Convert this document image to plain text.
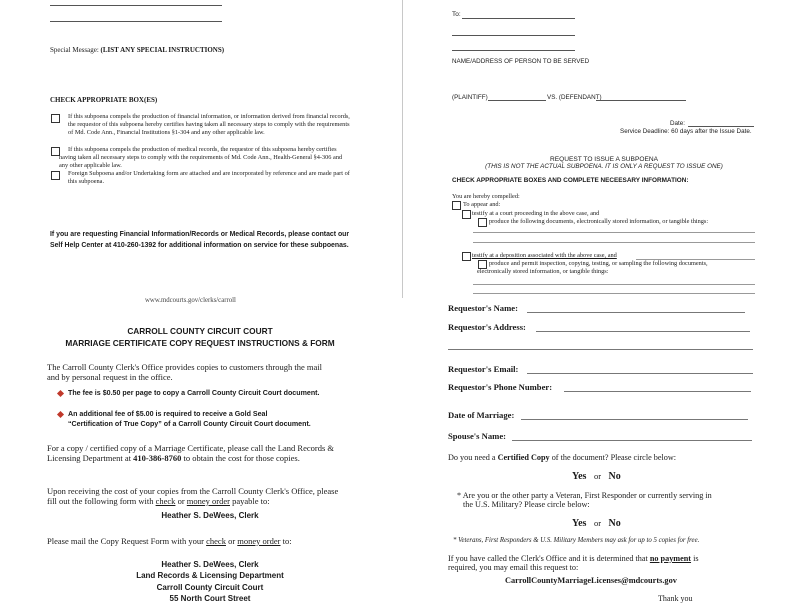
Special Message: (LIST ANY SPECIAL INSTRUCTIONS)
CHECK APPROPRIATE BOX(ES)
If this subpoena compels the production of financial information, or information derived from financial records, the requestor of this subpoena hereby certifies having taken all necessary steps to comply with the requirements of Md. Code Ann., Financial Institutions §1-304 and any other applicable law.
If this subpoena compels the production of medical records, the requestor of this subpoena hereby certifies having taken all necessary steps to comply with the requirements of Md. Code Ann., Health-General §4-306 and any other applicable law.
Foreign Subpoena and/or Undertaking form are attached and are incorporated by reference and are made part of this subpoena.
If you are requesting Financial Information/Records or Medical Records, please contact our
Self Help Center at 410-260-1392 for additional information on service for these subpoenas.
To:
NAME/ADDRESS OF PERSON TO BE SERVED
(PLAINTIFF)	VS. (DEFENDANT)
Date:
Service Deadline: 60 days after the Issue Date.
REQUEST TO ISSUE A SUBPOENA
(THIS IS NOT THE ACTUAL SUBPOENA. IT IS ONLY A REQUEST TO ISSUE ONE)
CHECK APPROPRIATE BOXES AND COMPLETE NECEESARY INFORMATION:
You are hereby compelled:
To appear and:
testify at a court proceeding in the above case, and
produce the following documents, electronically stored information, or tangible things:
testify at a deposition associated with the above case, and
produce and permit inspection, copying, testing, or sampling the following documents,
electronically stored information, or tangible things:
www.mdcourts.gov/clerks/carroll
CARROLL COUNTY CIRCUIT COURT
MARRIAGE CERTIFICATE COPY REQUEST INSTRUCTIONS & FORM
The Carroll County Clerk's Office provides copies to customers through the mail
and by personal request in the office.
The fee is $0.50 per page to copy a Carroll County Circuit Court document.
An additional fee of $5.00 is required to receive a Gold Seal
“Certification of True Copy” of a Carroll County Circuit Court document.
For a copy / certified copy of a Marriage Certificate, please call the Land Records &
Licensing Department at 410-386-8760 to obtain the cost for those copies.
Upon receiving the cost of your copies from the Carroll County Clerk's Office, please
fill out the following form with check or money order payable to:
Heather S. DeWees, Clerk
Please mail the Copy Request Form with your check or money order to:
Heather S. DeWees, Clerk
Land Records & Licensing Department
Carroll County Circuit Court
55 North Court Street
Requestor's Name:
Requestor's Address:
Requestor's Email:
Requestor's Phone Number:
Date of Marriage:
Spouse's Name:
Do you need a Certified Copy of the document? Please circle below:
Yes or No
* Are you or the other party a Veteran, First Responder or currently serving in
the U.S. Military? Please circle below:
Yes or No
* Veterans, First Responders & U.S. Military Members may ask for up to 5 copies for free.
If you have called the Clerk's Office and it is determined that no payment is
required, you may email this request to:
CarrollCountyMarriageLicenses@mdcourts.gov
Thank you
